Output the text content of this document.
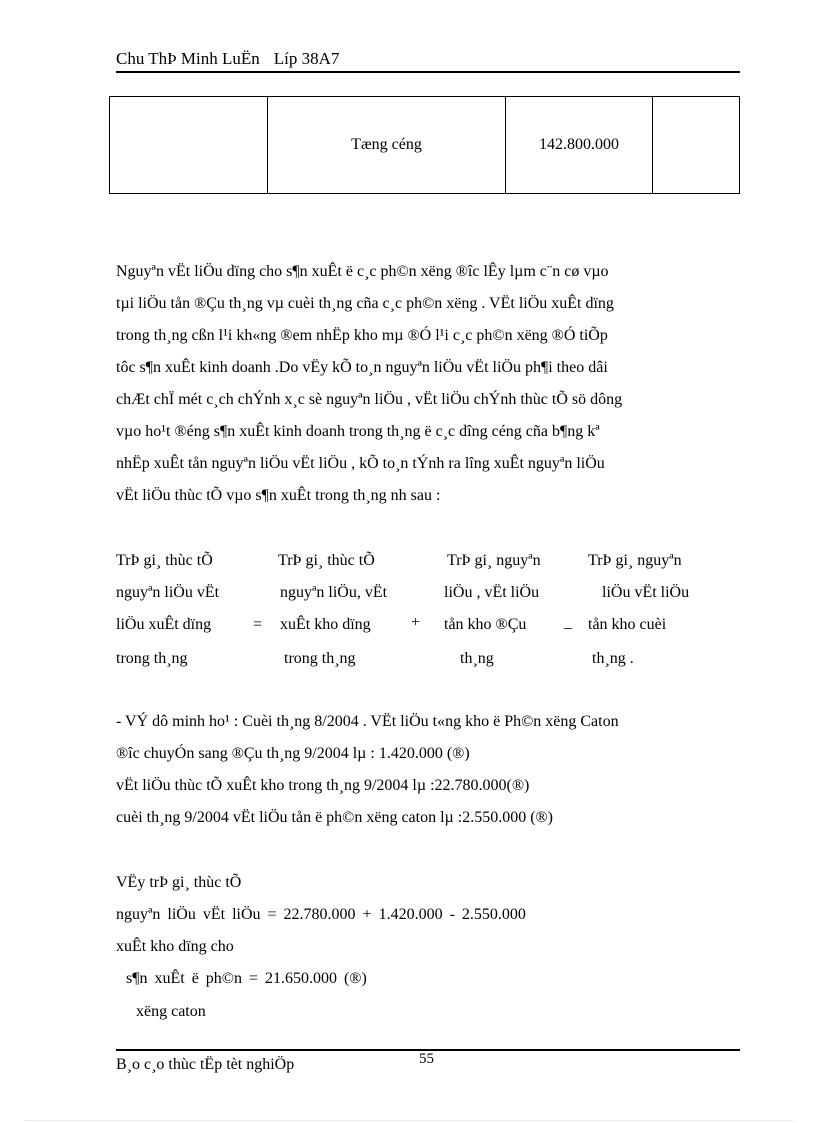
Chu ThÞ Minh LuËn Líp 38A7
	Tæng céng	142.800.000	
Nguyªn vËt liÖu dïng cho s¶n xuÊt ë c¸c ph©n xëng ®îc lÊy lµm c¨n cø vµo
tµi liÖu tån ®Çu th¸ng vµ cuèi th¸ng cña c¸c ph©n xëng . VËt liÖu xuÊt dïng
trong th¸ng cßn l¹i kh«ng ®em nhËp kho mµ ®Ó l¹i c¸c ph©n xëng ®Ó tiÕp
tôc s¶n xuÊt kinh doanh .Do vËy kÕ to¸n nguyªn liÖu vËt liÖu ph¶i theo dâi
chÆt chÏ mét c¸ch chÝnh x¸c sè nguyªn liÖu , vËt liÖu chÝnh thùc tÕ sö dông
vµo ho¹t ®éng s¶n xuÊt kinh doanh trong th¸ng ë c¸c dîng céng cña b¶ng kª
nhËp xuÊt tån nguyªn liÖu vËt liÖu , kÕ to¸n tÝnh ra lîng xuÊt nguyªn liÖu
vËt liÖu thùc tÕ vµo s¶n xuÊt trong th¸ng nh sau :
TrÞ gi¸ thùc tÕ
nguyªn liÖu vËt
liÖu xuÊt dïng
trong th¸ng
=
TrÞ gi¸ thùc tÕ
nguyªn liÖu, vËt
xuÊt kho dïng
trong th¸ng
+
TrÞ gi¸ nguyªn
liÖu , vËt liÖu
tån kho ®Çu
th¸ng
_
TrÞ gi¸ nguyªn
liÖu vËt liÖu
tån kho cuèi
th¸ng .
- VÝ dô minh ho¹ : Cuèi th¸ng 8/2004 . VËt liÖu t«ng kho ë Ph©n xëng Caton
®îc chuyÓn sang ®Çu th¸ng 9/2004 lµ : 1.420.000 (®)
vËt liÖu thùc tÕ xuÊt kho trong th¸ng 9/2004 lµ :22.780.000(®)
cuèi th¸ng 9/2004 vËt liÖu tån ë ph©n xëng caton lµ :2.550.000 (®)
VËy trÞ gi¸ thùc tÕ
nguyªn liÖu vËt liÖu = 22.780.000 + 1.420.000 - 2.550.000
xuÊt kho dïng cho
s¶n xuÊt ë ph©n = 21.650.000 (®)
xëng caton
B¸o c¸o thùc tËp tèt nghiÖp	55
